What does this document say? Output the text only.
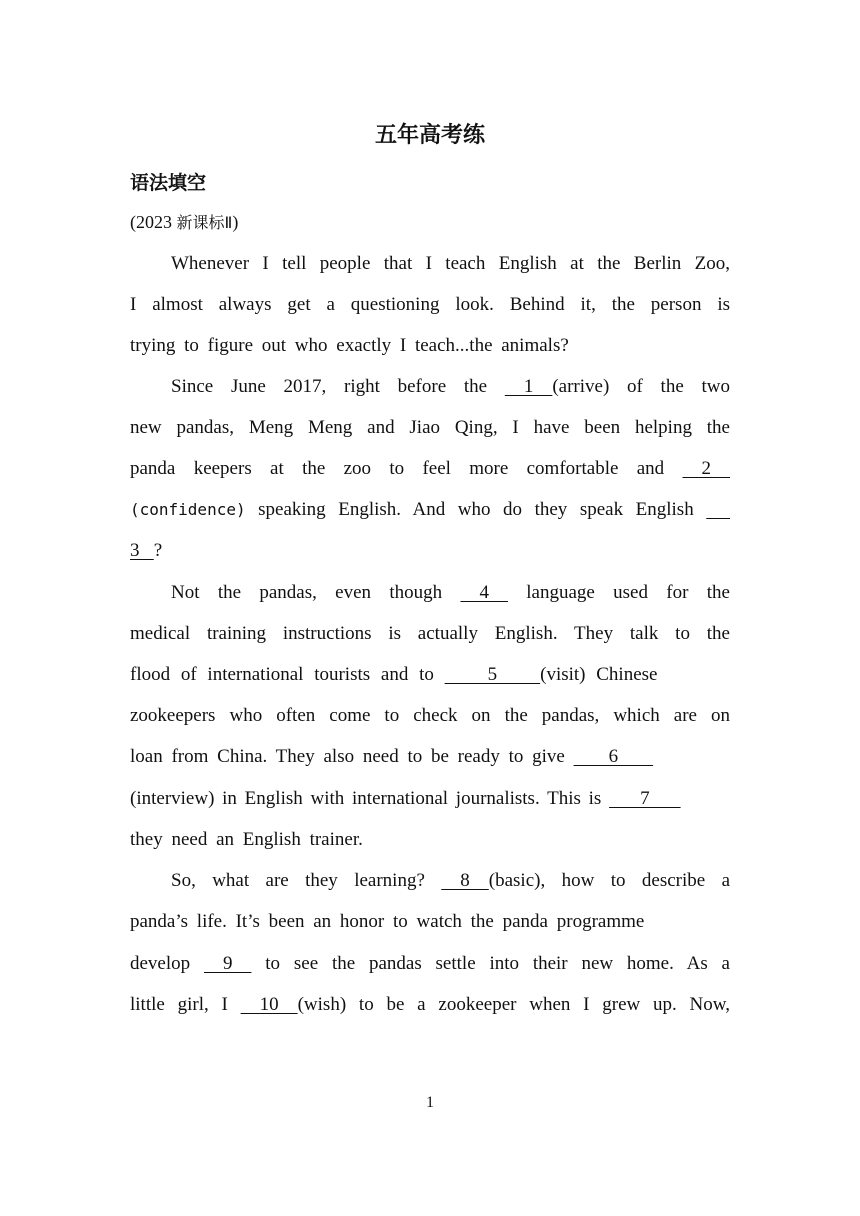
五年高考练
语法填空
(2023 新课标Ⅱ)
Whenever I tell people that I teach English at the Berlin Zoo,
I almost always get a questioning look. Behind it, the person is
trying to figure out who exactly I teach...the animals?
Since June 2017, right before the     1    (arrive) of the two
new pandas, Meng Meng and Jiao Qing, I have been helping the
panda keepers at the zoo to feel more comfortable and     2
(confidence) speaking English. And who do they speak English
3   ?
Not the pandas, even though     4     language used for the
medical training instructions is actually English. They talk to the
flood of international tourists and to     5    (visit) Chinese
zookeepers who often come to check on the pandas, which are on
loan from China. They also need to be ready to give     6
(interview) in English with international journalists. This is     7
they need an English trainer.
So, what are they learning?     8    (basic), how to describe a
panda’s life. It’s been an honor to watch the panda programme
develop     9     to see the pandas settle into their new home. As a
little girl, I     10    (wish) to be a zookeeper when I grew up. Now,
1
